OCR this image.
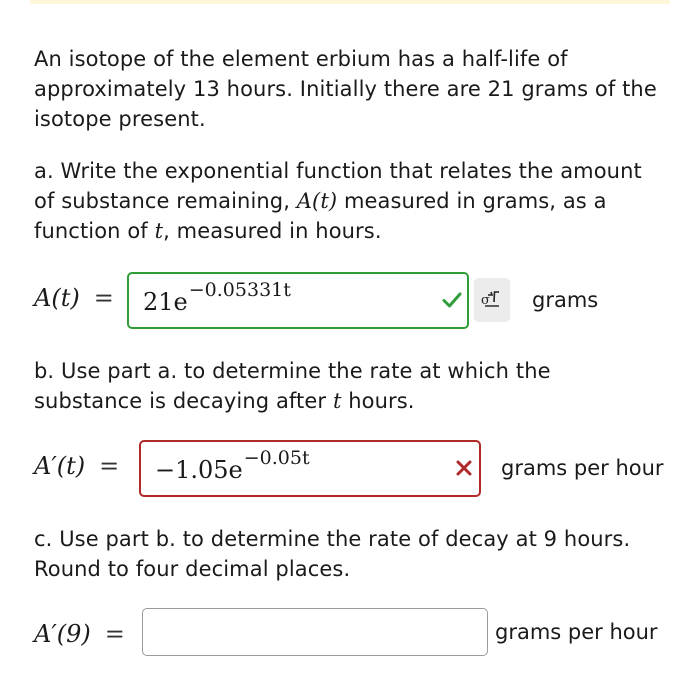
An isotope of the element erbium has a half-life of approximately 13 hours. Initially there are 21 grams of the isotope present.
a. Write the exponential function that relates the amount of substance remaining, A(t) measured in grams, as a function of t, measured in hours.
$A(t) = 21e^{-0.05331t}$	σ grams
b. Use part a. to determine the rate at which the substance is decaying after t hours.
$A'(t) = -1.05e^{-0.05t}$	grams per hour
c. Use part b. to determine the rate of decay at 9 hours. Round to four decimal places.
A′(9) =	grams per hour
